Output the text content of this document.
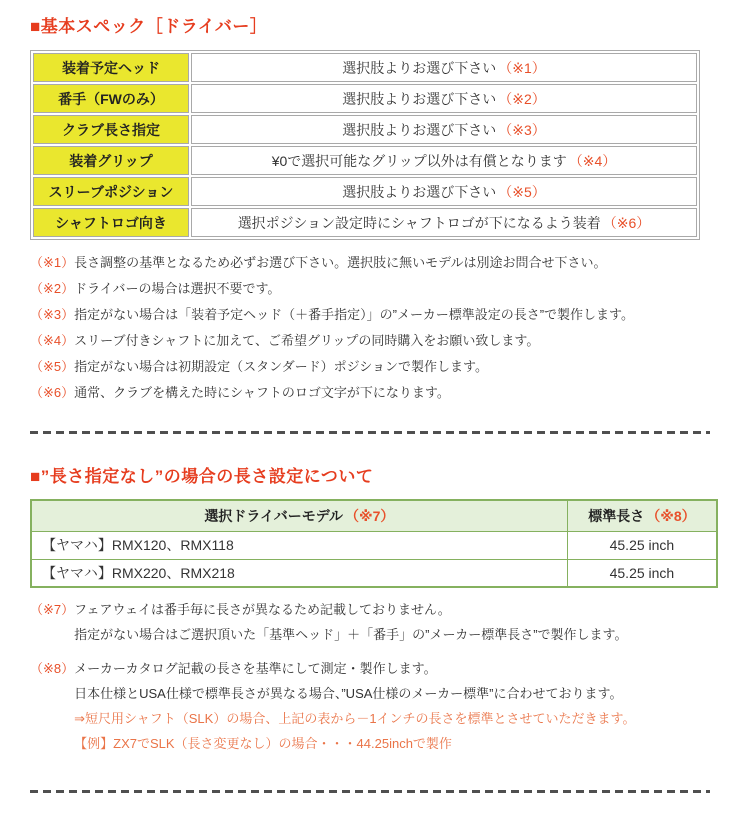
■基本スペック［ドライバー］
装着予定ヘッド	選択肢よりお選び下さい （※1）
番手（FWのみ）	選択肢よりお選び下さい （※2）
クラブ長さ指定	選択肢よりお選び下さい （※3）
装着グリップ	¥0で選択可能なグリップ以外は有償となります （※4）
スリーブポジション	選択肢よりお選び下さい （※5）
シャフトロゴ向き	選択ポジション設定時にシャフトロゴが下になるよう装着 （※6）
（※1） 長さ調整の基準となるため必ずお選び下さい。選択肢に無いモデルは別途お問合せ下さい。
（※2） ドライバーの場合は選択不要です。
（※3） 指定がない場合は「装着予定ヘッド（＋番手指定）」の”メーカー標準設定の長さ”で製作します。
（※4） スリーブ付きシャフトに加えて、ご希望グリップの同時購入をお願い致します。
（※5） 指定がない場合は初期設定（スタンダード）ポジションで製作します。
（※6） 通常、クラブを構えた時にシャフトのロゴ文字が下になります。
■”長さ指定なし”の場合の長さ設定について
選択ドライバーモデル （※7）	標準長さ （※8）
【ヤマハ】RMX120、RMX118	45.25 inch
【ヤマハ】RMX220、RMX218	45.25 inch
（※7） フェアウェイは番手毎に長さが異なるため記載しておりません。
指定がない場合はご選択頂いた「基準ヘッド」＋「番手」の”メーカー標準長さ”で製作します。
（※8） メーカーカタログ記載の長さを基準にして測定・製作します。
日本仕様とUSA仕様で標準長さが異なる場合、”USA仕様のメーカー標準”に合わせております。
⇒短尺用シャフト（SLK）の場合、上記の表から－1インチの長さを標準とさせていただきます。
【例】ZX7でSLK（長さ変更なし）の場合・・・44.25inchで製作
